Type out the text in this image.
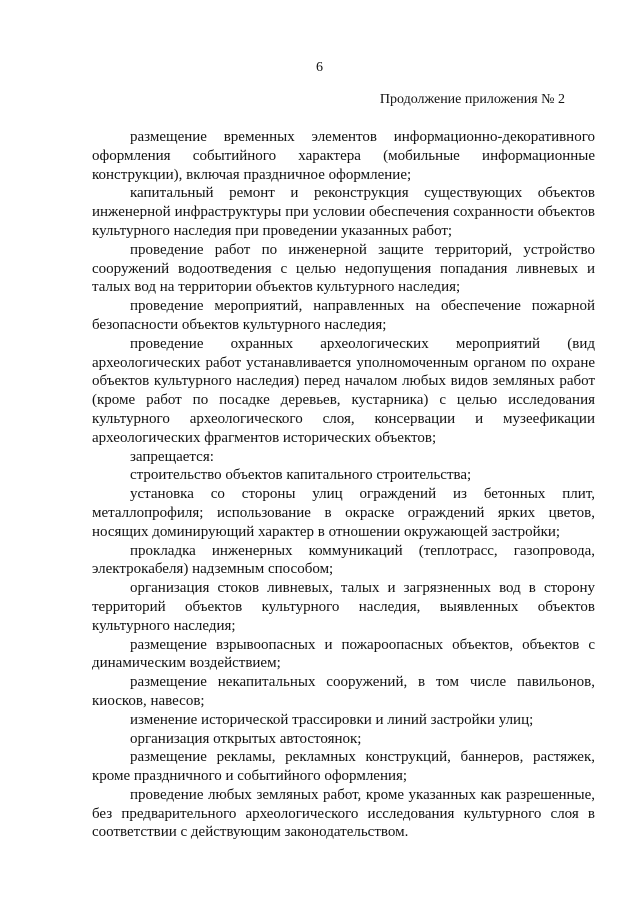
6
Продолжение приложения № 2

размещение временных элементов информационно-декоративного оформления событийного характера (мобильные информационные конструкции), включая праздничное оформление;

капитальный ремонт и реконструкция существующих объектов инженерной инфраструктуры при условии обеспечения сохранности объектов культурного наследия при проведении указанных работ;

проведение работ по инженерной защите территорий, устройство сооружений водоотведения с целью недопущения попадания ливневых и талых вод на территории объектов культурного наследия;

проведение мероприятий, направленных на обеспечение пожарной безопасности объектов культурного наследия;

проведение охранных археологических мероприятий (вид археологических работ устанавливается уполномоченным органом по охране объектов культурного наследия) перед началом любых видов земляных работ (кроме работ по посадке деревьев, кустарника) с целью исследования культурного археологического слоя, консервации и музеефикации археологических фрагментов исторических объектов;

запрещается:

строительство объектов капитального строительства;

установка со стороны улиц ограждений из бетонных плит, металлопрофиля; использование в окраске ограждений ярких цветов, носящих доминирующий характер в отношении окружающей застройки;

прокладка инженерных коммуникаций (теплотрасс, газопровода, электрокабеля) надземным способом;

организация стоков ливневых, талых и загрязненных вод в сторону территорий объектов культурного наследия, выявленных объектов культурного наследия;

размещение взрывоопасных и пожароопасных объектов, объектов с динамическим воздействием;

размещение некапитальных сооружений, в том числе павильонов, киосков, навесов;

изменение исторической трассировки и линий застройки улиц;

организация открытых автостоянок;

размещение рекламы, рекламных конструкций, баннеров, растяжек, кроме праздничного и событийного оформления;

проведение любых земляных работ, кроме указанных как разрешенные, без предварительного археологического исследования культурного слоя в соответствии с действующим законодательством.
